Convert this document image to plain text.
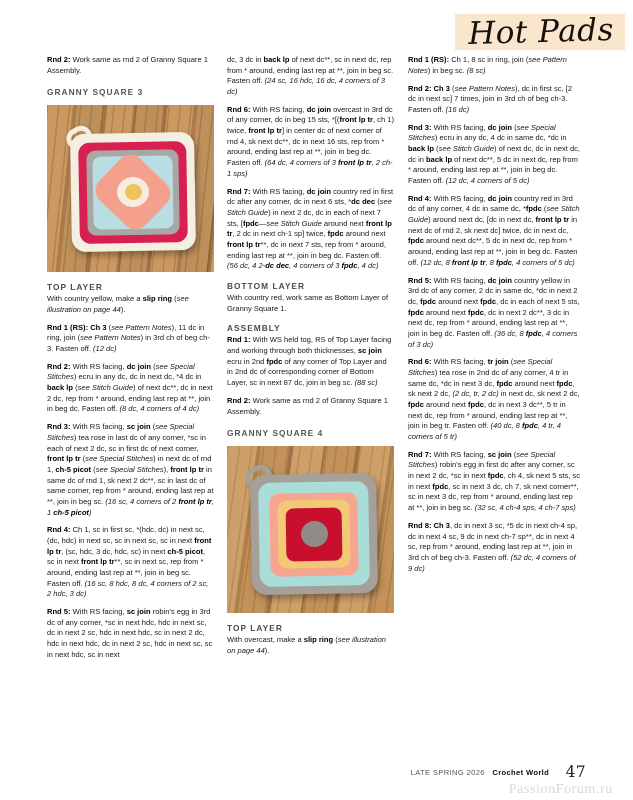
Hot Pads

Rnd 2: Work same as rnd 2 of Granny Square 1 Assembly.

GRANNY SQUARE 3
TOP LAYER

With country yellow, make a slip ring (see illustration on page 44).

Rnd 1 (RS): Ch 3 (see Pattern Notes), 11 dc in ring, join (see Pattern Notes) in 3rd ch of beg ch-3. Fasten off. (12 dc)

Rnd 2: With RS facing, dc join (see Special Stitches) ecru in any dc, dc in next dc, *4 dc in back lp (see Stitch Guide) of next dc**, dc in next 2 dc, rep from * around, ending last rep at **, join in beg dc. Fasten off. (8 dc, 4 corners of 4 dc)

Rnd 3: With RS facing, sc join (see Special Stitches) tea rose in last dc of any corner, *sc in each of next 2 dc, sc in first dc of next corner, front lp tr (see Special Stitches) in next dc of rnd 1, ch-5 picot (see Special Stitches), front lp tr in same dc of rnd 1, sk next 2 dc**, sc in last dc of same corner, rep from * around, ending last rep at **, join in beg sc. (16 sc, 4 corners of 2 front lp tr, 1 ch-5 picot)

Rnd 4: Ch 1, sc in first sc, *(hdc, dc) in next sc, (dc, hdc) in next sc, sc in next sc, sc in next front lp tr, (sc, hdc, 3 dc, hdc, sc) in next ch-5 picot, sc in next front lp tr**, sc in next sc, rep from * around, ending last rep at **, join in beg sc. Fasten off. (16 sc, 8 hdc, 8 dc, 4 corners of 2 sc, 2 hdc, 3 dc)

Rnd 5: With RS facing, sc join robin's egg in 3rd dc of any corner, *sc in next hdc, hdc in next sc, dc in next 2 sc, hdc in next hdc, sc in next 2 dc, hdc in next hdc, dc in next 2 sc, hdc in next sc, sc in next hdc, sc in next

dc, 3 dc in back lp of next dc**, sc in next dc, rep from * around, ending last rep at **, join in beg sc. Fasten off. (24 sc, 16 hdc, 16 dc, 4 corners of 3 dc)

Rnd 6: With RS facing, dc join overcast in 3rd dc of any corner, dc in beg 15 sts, *[(front lp tr, ch 1) twice, front lp tr] in center dc of next corner of rnd 4, sk next dc**, dc in next 16 sts, rep from * around, ending last rep at **, join in beg dc. Fasten off. (64 dc, 4 corners of 3 front lp tr, 2 ch-1 sps)

Rnd 7: With RS facing, dc join country red in first dc after any corner, dc in next 6 sts, *dc dec (see Stitch Guide) in next 2 dc, dc in each of next 7 sts, [fpdc—see Stitch Guide around next front lp tr, 2 dc in next ch-1 sp] twice, fpdc around next front lp tr**, dc in next 7 sts, rep from * around, ending last rep at **, join in beg dc. Fasten off. (56 dc, 4 2-dc dec, 4 corners of 3 fpdc, 4 dc)

BOTTOM LAYER

With country red, work same as Bottom Layer of Granny Square 1.

ASSEMBLY

Rnd 1: With WS held tog, RS of Top Layer facing and working through both thicknesses, sc join ecru in 2nd fpdc of any corner of Top Layer and in 2nd dc of corresponding corner of Bottom Layer, sc in next 87 dc, join in beg sc. (88 sc)

Rnd 2: Work same as rnd 2 of Granny Square 1 Assembly.

GRANNY SQUARE 4
TOP LAYER

With overcast, make a slip ring (see illustration on page 44).

Rnd 1 (RS): Ch 1, 8 sc in ring, join (see Pattern Notes) in beg sc. (8 sc)

Rnd 2: Ch 3 (see Pattern Notes), dc in first sc, [2 dc in next sc] 7 times, join in 3rd ch of beg ch-3. Fasten off. (16 dc)

Rnd 3: With RS facing, dc join (see Special Stitches) ecru in any dc, 4 dc in same dc, *dc in back lp (see Stitch Guide) of next dc, dc in next dc, dc in back lp of next dc**, 5 dc in next dc, rep from * around, ending last rep at **, join in beg dc. Fasten off. (12 dc, 4 corners of 5 dc)

Rnd 4: With RS facing, dc join country red in 3rd dc of any corner, 4 dc in same dc, *fpdc (see Stitch Guide) around next dc, [dc in next dc, front lp tr in next dc of rnd 2, sk next dc] twice, dc in next dc, fpdc around next dc**, 5 dc in next dc, rep from * around, ending last rep at **, join in beg dc. Fasten off. (12 dc, 8 front lp tr, 8 fpdc, 4 corners of 5 dc)

Rnd 5: With RS facing, dc join country yellow in 3rd dc of any corner, 2 dc in same dc, *dc in next 2 dc, fpdc around next fpdc, dc in each of next 5 sts, fpdc around next fpdc, dc in next 2 dc**, 3 dc in next dc, rep from * around, ending last rep at **, join in beg dc. Fasten off. (36 dc, 8 fpdc, 4 corners of 3 dc)

Rnd 6: With RS facing, tr join (see Special Stitches) tea rose in 2nd dc of any corner, 4 tr in same dc, *dc in next 3 dc, fpdc around next fpdc, sk next 2 dc, (2 dc, tr, 2 dc) in next dc, sk next 2 dc, fpdc around next fpdc, dc in next 3 dc**, 5 tr in next dc, rep from * around, ending last rep at **, join in beg tr. Fasten off. (40 dc, 8 fpdc, 4 tr, 4 corners of 5 tr)

Rnd 7: With RS facing, sc join (see Special Stitches) robin's egg in first dc after any corner, sc in next 2 dc, *sc in next fpdc, ch 4, sk next 5 sts, sc in next fpdc, sc in next 3 dc, ch 7, sk next corner**, sc in next 3 dc, rep from * around, ending last rep at **, join in beg sc. (32 sc, 4 ch-4 sps, 4 ch-7 sps)

Rnd 8: Ch 3, dc in next 3 sc, *5 dc in next ch-4 sp, dc in next 4 sc, 9 dc in next ch-7 sp**, dc in next 4 sc, rep from * around, ending last rep at **, join in 3rd ch of beg ch-3. Fasten off. (52 dc, 4 corners of 9 dc)

LATE SPRING 2026 Crochet World 47
PassionForum.ru
